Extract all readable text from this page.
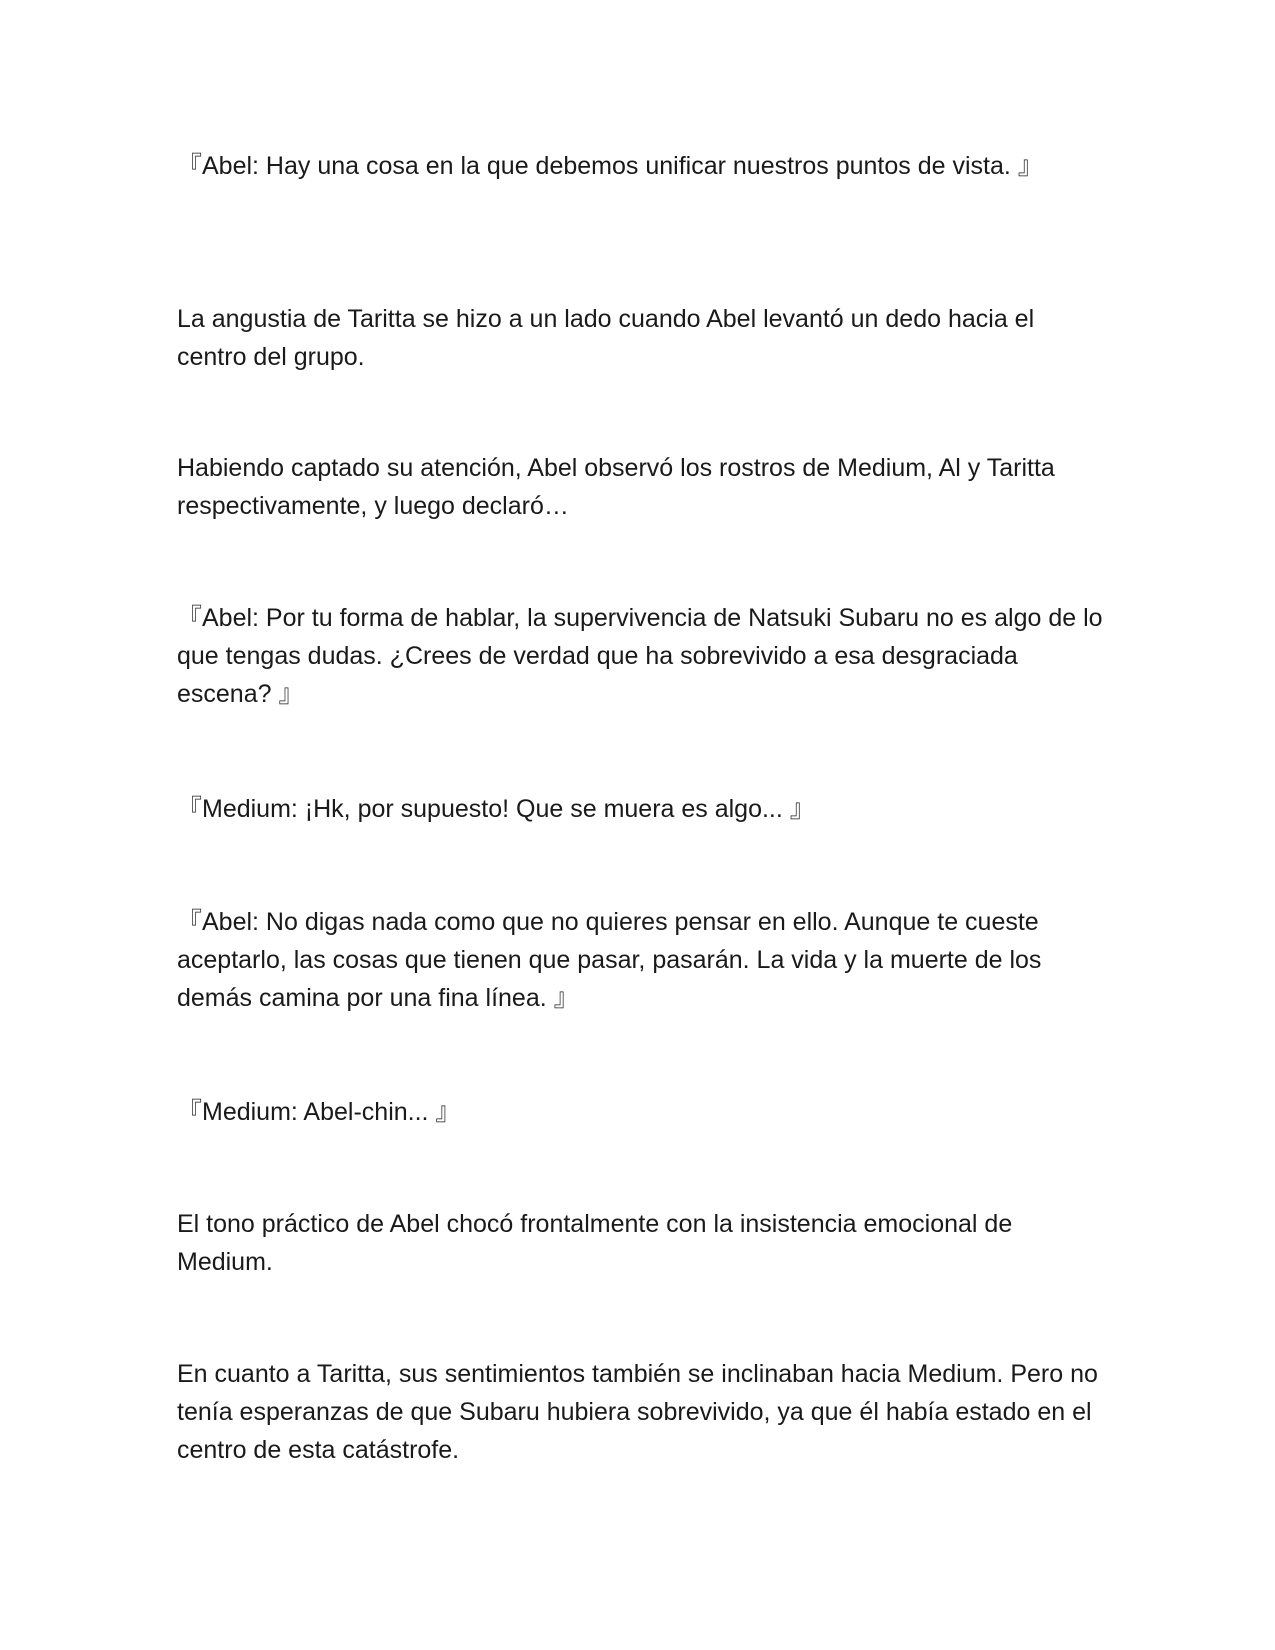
『Abel: Hay una cosa en la que debemos unificar nuestros puntos de vista. 』

La angustia de Taritta se hizo a un lado cuando Abel levantó un dedo hacia el centro del grupo.

Habiendo captado su atención, Abel observó los rostros de Medium, Al y Taritta respectivamente, y luego declaró…

『Abel: Por tu forma de hablar, la supervivencia de Natsuki Subaru no es algo de lo que tengas dudas. ¿Crees de verdad que ha sobrevivido a esa desgraciada escena? 』

『Medium: ¡Hk, por supuesto! Que se muera es algo... 』

『Abel: No digas nada como que no quieres pensar en ello. Aunque te cueste aceptarlo, las cosas que tienen que pasar, pasarán. La vida y la muerte de los demás camina por una fina línea. 』

『Medium: Abel-chin... 』

El tono práctico de Abel chocó frontalmente con la insistencia emocional de Medium.

En cuanto a Taritta, sus sentimientos también se inclinaban hacia Medium. Pero no tenía esperanzas de que Subaru hubiera sobrevivido, ya que él había estado en el centro de esta catástrofe.
